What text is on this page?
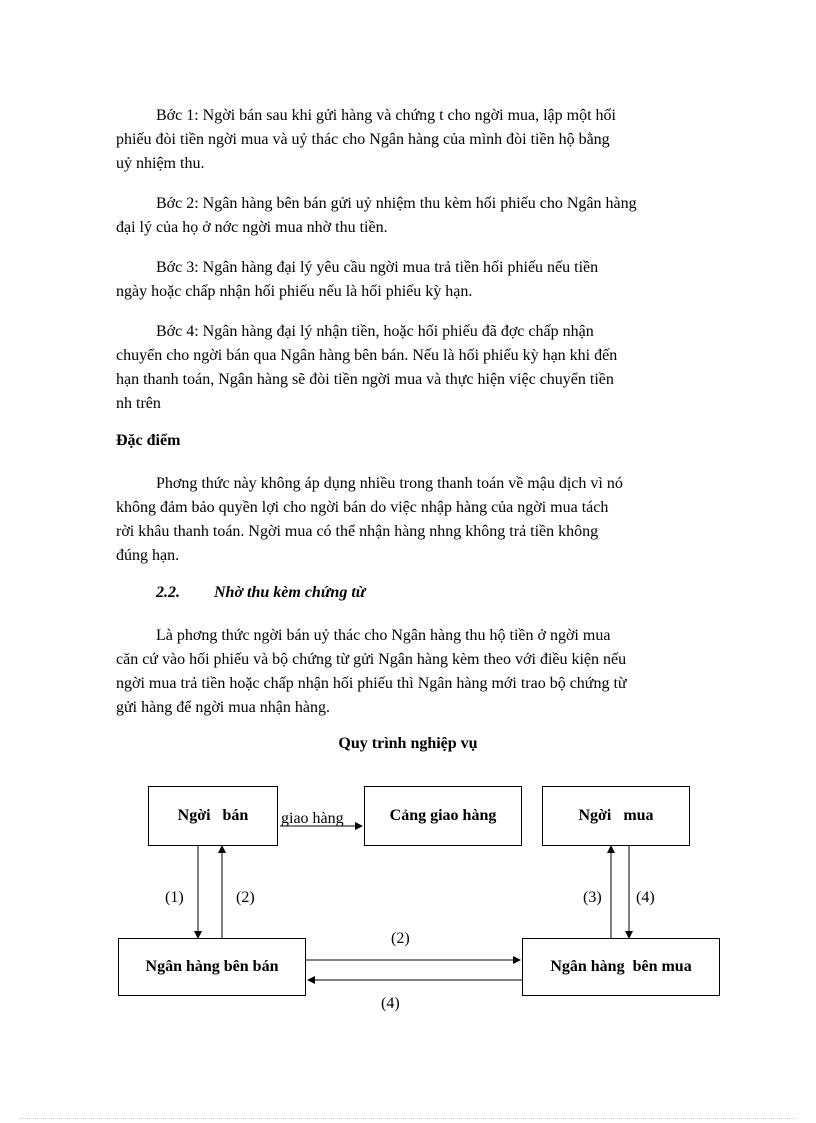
Bớc 1: Ngời bán sau khi gửi hàng và chứng t cho ngời mua, lập một hối
phiếu đòi tiền ngời mua và uỷ thác cho Ngân hàng của mình đòi tiền hộ bằng
uỷ nhiệm thu.

Bớc 2: Ngân hàng bên bán gửi uỷ nhiệm thu kèm hối phiếu cho Ngân hàng
đại lý của họ ở nớc ngời mua nhờ thu tiền.

Bớc 3: Ngân hàng đại lý yêu cầu ngời mua trả tiền hối phiếu nếu tiền
ngày hoặc chấp nhận hối phiếu nếu là hối phiếu kỳ hạn.

Bớc 4: Ngân hàng đại lý nhận tiền, hoặc hối phiếu đã đợc chấp nhận
chuyển cho ngời bán qua Ngân hàng bên bán. Nếu là hối phiếu kỳ hạn khi đến
hạn thanh toán, Ngân hàng sẽ đòi tiền ngời mua và thực hiện việc chuyển tiền
nh trên

Đặc điểm

Phơng thức này không áp dụng nhiều trong thanh toán về mậu dịch vì nó
không đảm bảo quyền lợi cho ngời bán do việc nhập hàng của ngời mua tách
rời khâu thanh toán. Ngời mua có thể nhận hàng nhng không trả tiền không
đúng hạn.

2.2. Nhờ thu kèm chứng từ

Là phơng thức ngời bán uỷ thác cho Ngân hàng thu hộ tiền ở ngời mua
căn cứ vào hối phiếu và bộ chứng từ gửi Ngân hàng kèm theo với điều kiện nếu
ngời mua trả tiền hoặc chấp nhận hối phiếu thì Ngân hàng mới trao bộ chứng từ
gửi hàng để ngời mua nhận hàng.

Quy trình nghiệp vụ

Ngời   bán	Cảng giao hàng	Ngời   mua
Ngân hàng bên bán	Ngân hàng  bên mua
giao hàng
(1)	(2)	(3) (4)
(2)
(4)
